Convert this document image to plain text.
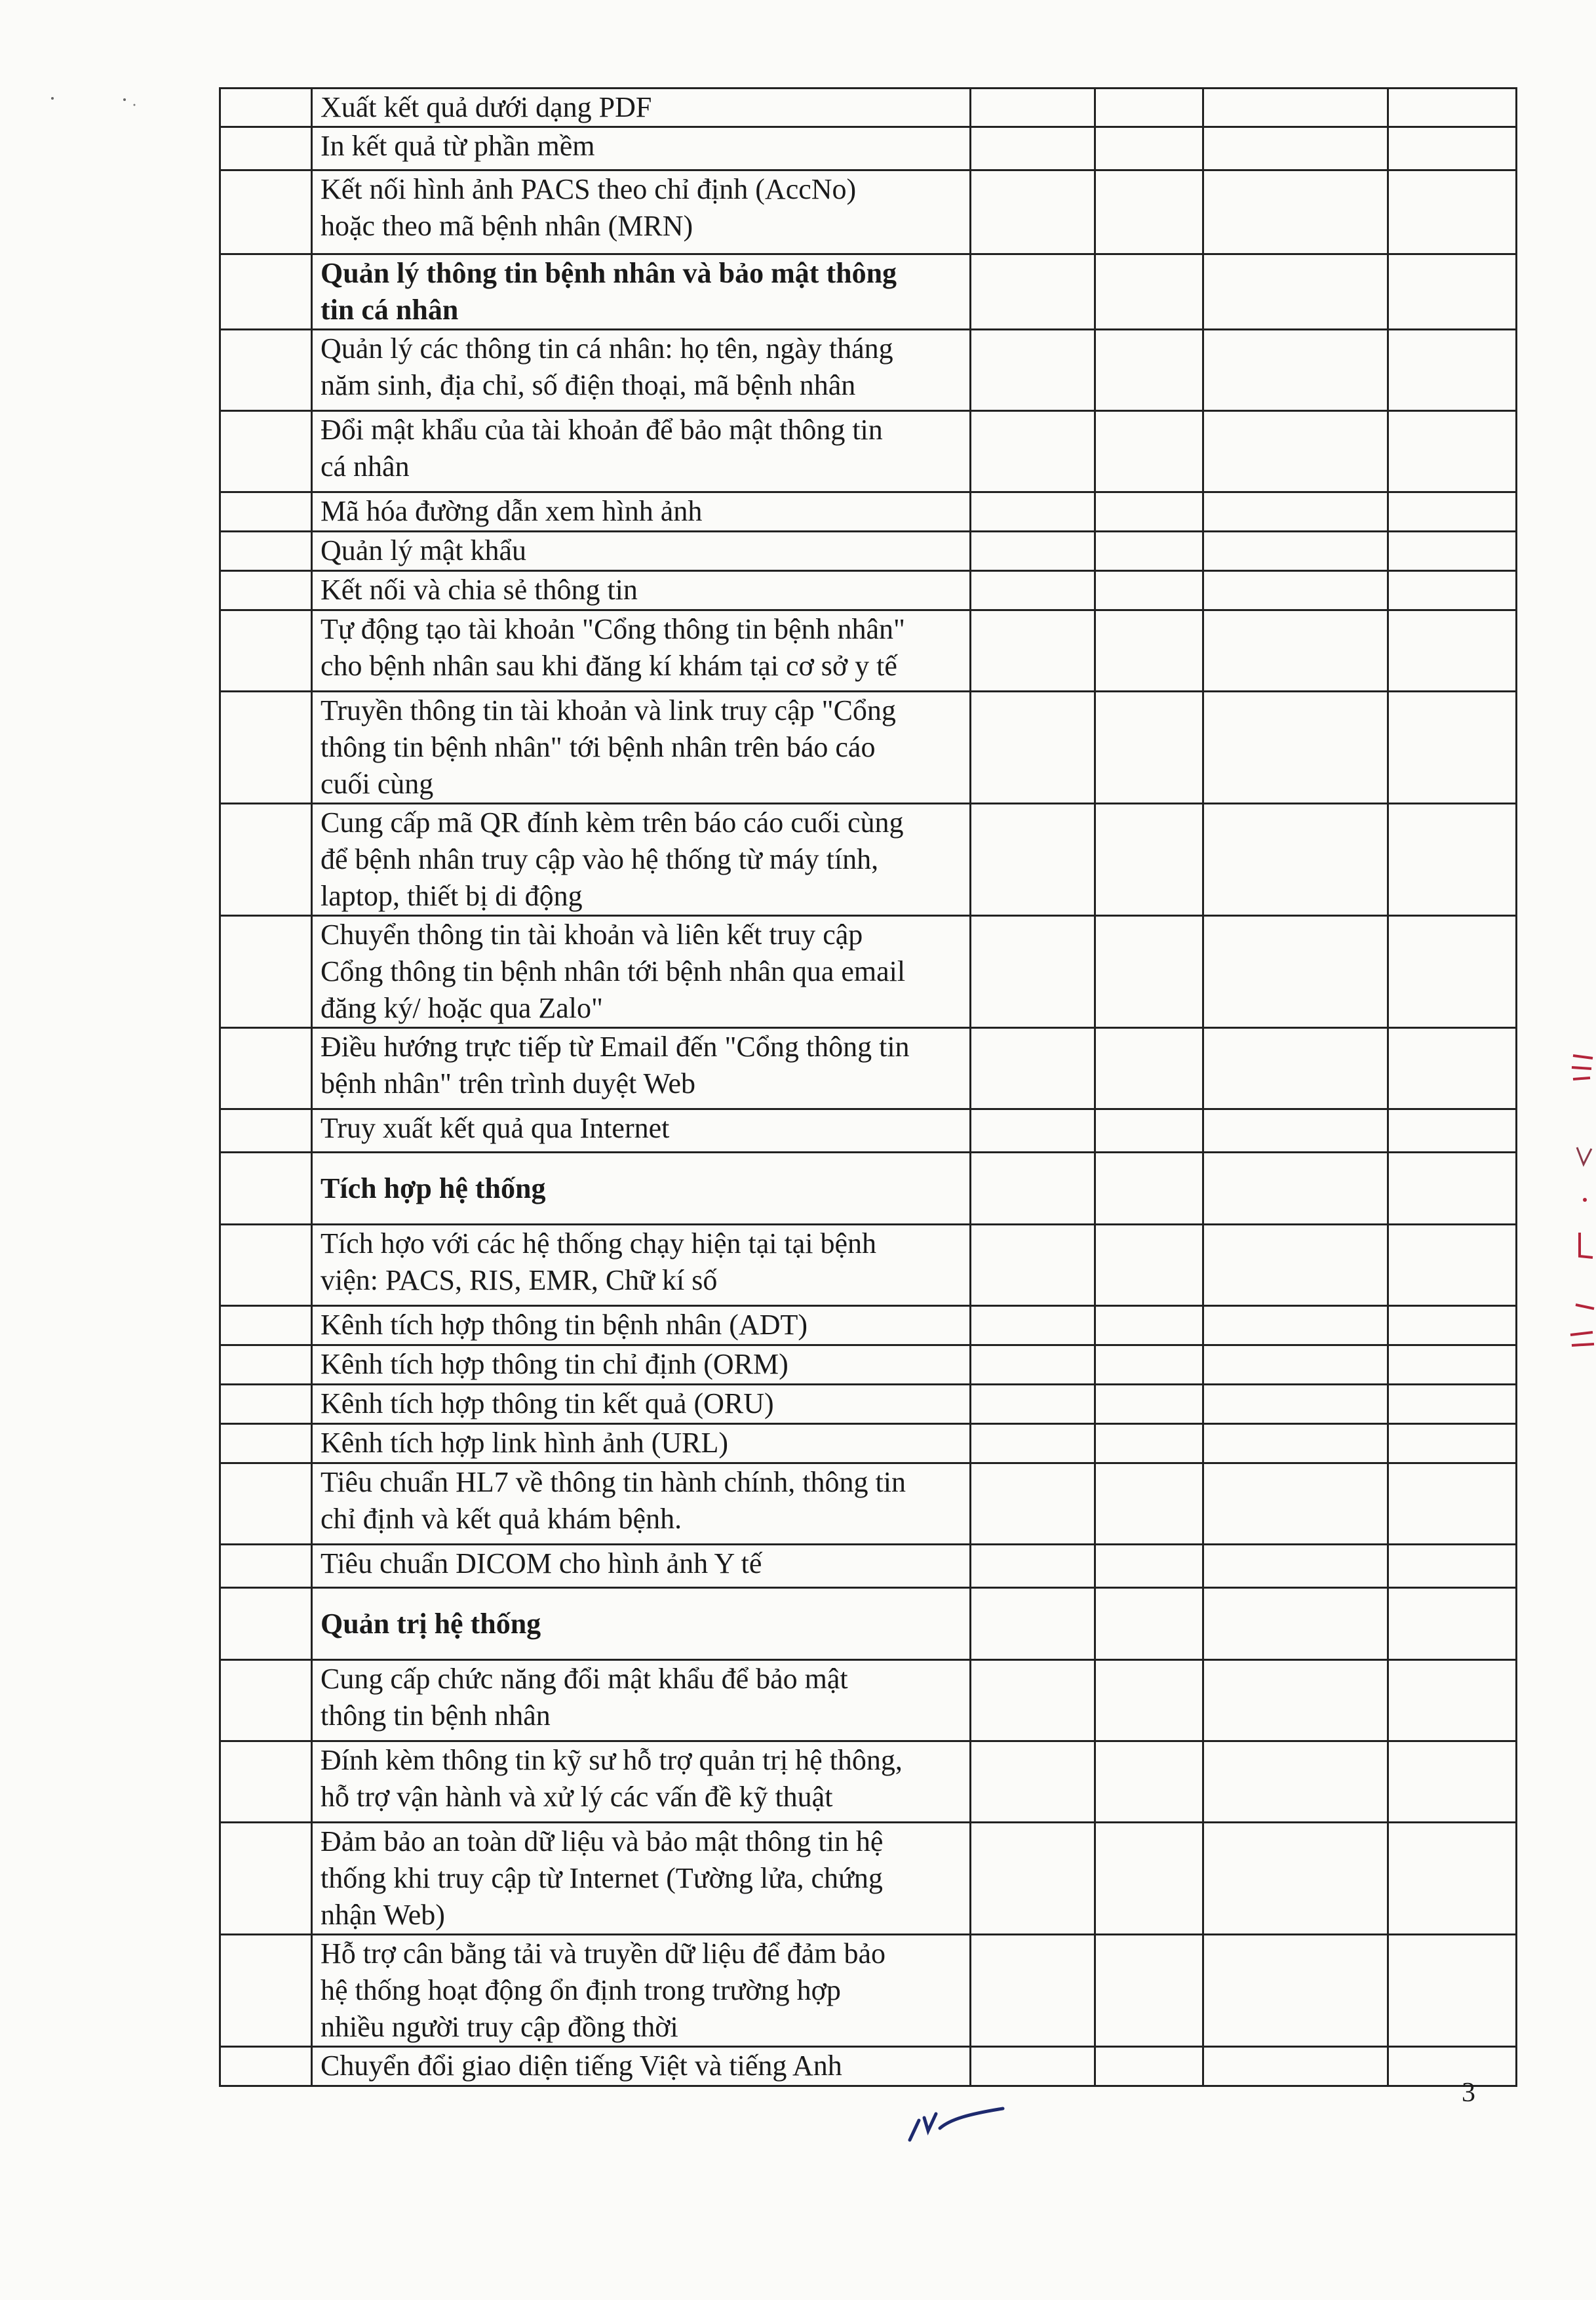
	Xuất kết quả dưới dạng PDF				
	In kết quả từ phần mềm				
	Kết nối hình ảnh PACS theo chỉ định (AccNo)
hoặc theo mã bệnh nhân (MRN)				
	Quản lý thông tin bệnh nhân và bảo mật thông
tin cá nhân				
	Quản lý các thông tin cá nhân: họ tên, ngày tháng
năm sinh, địa chỉ, số điện thoại, mã bệnh nhân				
	Đổi mật khẩu của tài khoản để bảo mật thông tin
cá nhân				
	Mã hóa đường dẫn xem hình ảnh				
	Quản lý mật khẩu				
	Kết nối và chia sẻ thông tin				
	Tự động tạo tài khoản "Cổng thông tin bệnh nhân"
cho bệnh nhân sau khi đăng kí khám tại cơ sở y tế				
	Truyền thông tin tài khoản và link truy cập "Cổng
thông tin bệnh nhân" tới bệnh nhân trên báo cáo
cuối cùng				
	Cung cấp mã QR đính kèm trên báo cáo cuối cùng
để bệnh nhân truy cập vào hệ thống từ máy tính,
laptop, thiết bị di động				
	Chuyển thông tin tài khoản và liên kết truy cập
Cổng thông tin bệnh nhân tới bệnh nhân qua email
đăng ký/ hoặc qua Zalo"				
	Điều hướng trực tiếp từ Email đến "Cổng thông tin
bệnh nhân" trên trình duyệt Web				
	Truy xuất kết quả qua Internet				
	Tích hợp hệ thống				
	Tích hợo với các hệ thống chạy hiện tại tại bệnh
viện: PACS, RIS, EMR, Chữ kí số				
	Kênh tích hợp thông tin bệnh nhân (ADT)				
	Kênh tích hợp thông tin chỉ định (ORM)				
	Kênh tích hợp thông tin kết quả (ORU)				
	Kênh tích hợp link hình ảnh (URL)				
	Tiêu chuẩn HL7 về thông tin hành chính, thông tin
chỉ định và kết quả khám bệnh.				
	Tiêu chuẩn DICOM cho hình ảnh Y tế				
	Quản trị hệ thống				
	Cung cấp chức năng đổi mật khẩu để bảo mật
thông tin bệnh nhân				
	Đính kèm thông tin kỹ sư hỗ trợ quản trị hệ thông,
hỗ trợ vận hành và xử lý các vấn đề kỹ thuật				
	Đảm bảo an toàn dữ liệu và bảo mật thông tin hệ
thống khi truy cập từ Internet (Tường lửa, chứng
nhận Web)				
	Hỗ trợ cân bằng tải và truyền dữ liệu để đảm bảo
hệ thống hoạt động ổn định trong trường hợp
nhiều người truy cập đồng thời				
	Chuyển đổi giao diện tiếng Việt và tiếng Anh				
3
